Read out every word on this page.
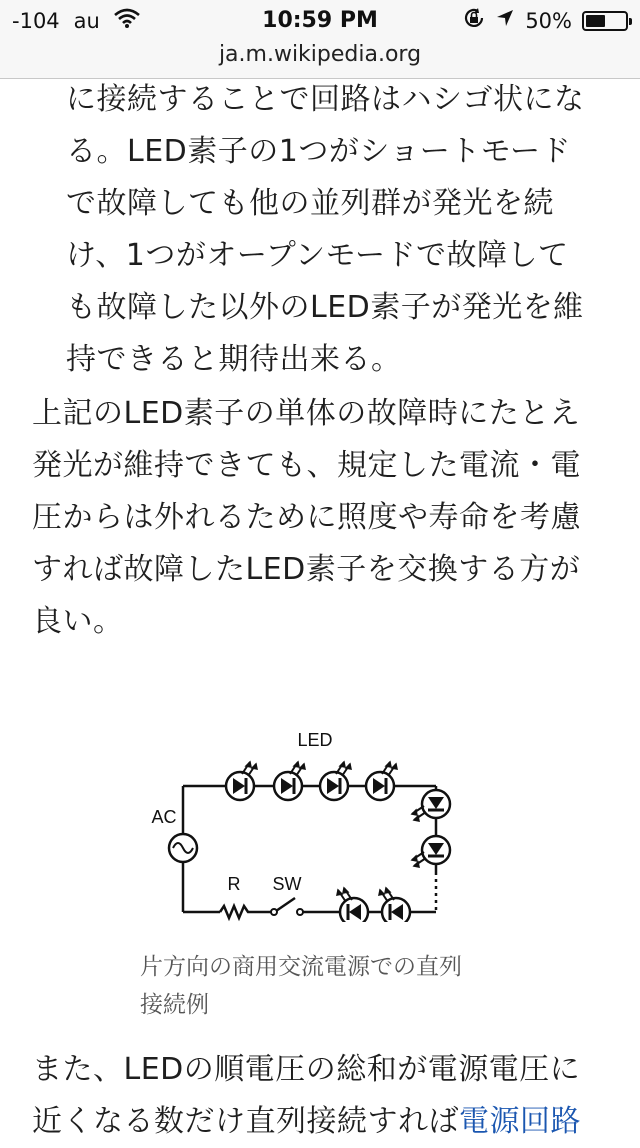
に接続することで回路はハシゴ状にな
る。LED素子の1つがショートモード
で故障しても他の並列群が発光を続
け、1つがオープンモードで故障して
も故障した以外のLED素子が発光を維
持できると期待出来る。

上記のLED素子の単体の故障時にたとえ
発光が維持できても、規定した電流・電
圧からは外れるために照度や寿命を考慮
すれば故障したLED素子を交換する方が
良い。

LED
AC
R SW

片方向の商用交流電源での直列
接続例

また、LEDの順電圧の総和が電源電圧に
近くなる数だけ直列接続すれば電源回路

-104 au	10:59 PM	50%
ja.m.wikipedia.org
